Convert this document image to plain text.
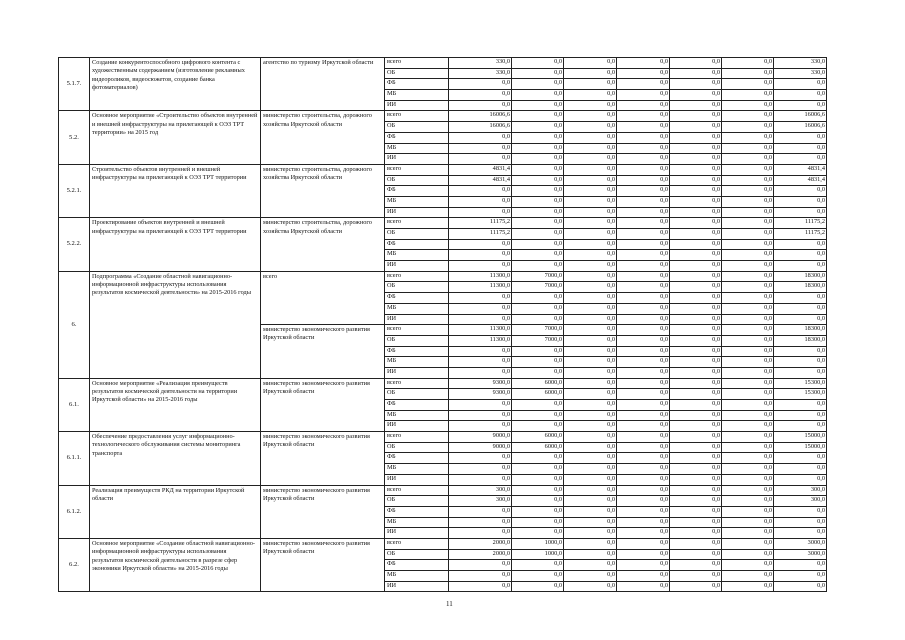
5.1.7.	Создание конкурентоспособного цифрового контента с художественным содержанием (изготовление рекламных видеороликов, видеосюжетов, создание банка фотоматериалов)	агентство по туризму Иркутской области	всего	330,0	0,0	0,0	0,0	0,0	0,0	330,0
			ОБ	330,0	0,0	0,0	0,0	0,0	0,0	330,0
			ФБ	0,0	0,0	0,0	0,0	0,0	0,0	0,0
			МБ	0,0	0,0	0,0	0,0	0,0	0,0	0,0
			ИИ	0,0	0,0	0,0	0,0	0,0	0,0	0,0
5.2.	Основное мероприятие «Строительство объектов внутренней и внешней инфраструктуры на прилегающей к ОЭЗ ТРТ территории» на 2015 год	министерство строительства, дорожного хозяйства Иркутской области	всего	16006,6	0,0	0,0	0,0	0,0	0,0	16006,6
			ОБ	16006,6	0,0	0,0	0,0	0,0	0,0	16006,6
			ФБ	0,0	0,0	0,0	0,0	0,0	0,0	0,0
			МБ	0,0	0,0	0,0	0,0	0,0	0,0	0,0
			ИИ	0,0	0,0	0,0	0,0	0,0	0,0	0,0
5.2.1.	Строительство объектов внутренней и внешней инфраструктуры на прилегающей к ОЭЗ ТРТ территории	министерство строительства, дорожного хозяйства Иркутской области	всего	4831,4	0,0	0,0	0,0	0,0	0,0	4831,4
			ОБ	4831,4	0,0	0,0	0,0	0,0	0,0	4831,4
			ФБ	0,0	0,0	0,0	0,0	0,0	0,0	0,0
			МБ	0,0	0,0	0,0	0,0	0,0	0,0	0,0
			ИИ	0,0	0,0	0,0	0,0	0,0	0,0	0,0
5.2.2.	Проектирование объектов внутренней и внешней инфраструктуры на прилегающей к ОЭЗ ТРТ территории	министерство строительства, дорожного хозяйства Иркутской области	всего	11175,2	0,0	0,0	0,0	0,0	0,0	11175,2
			ОБ	11175,2	0,0	0,0	0,0	0,0	0,0	11175,2
			ФБ	0,0	0,0	0,0	0,0	0,0	0,0	0,0
			МБ	0,0	0,0	0,0	0,0	0,0	0,0	0,0
			ИИ	0,0	0,0	0,0	0,0	0,0	0,0	0,0
6.	Подпрограмма «Создание областной навигационно-информационной инфраструктуры использования результатов космической деятельности» на 2015-2016 годы	всего	всего	11300,0	7000,0	0,0	0,0	0,0	0,0	18300,0
			ОБ	11300,0	7000,0	0,0	0,0	0,0	0,0	18300,0
			ФБ	0,0	0,0	0,0	0,0	0,0	0,0	0,0
			МБ	0,0	0,0	0,0	0,0	0,0	0,0	0,0
			ИИ	0,0	0,0	0,0	0,0	0,0	0,0	0,0
		министерство экономического развития Иркутской области	всего	11300,0	7000,0	0,0	0,0	0,0	0,0	18300,0
			ОБ	11300,0	7000,0	0,0	0,0	0,0	0,0	18300,0
			ФБ	0,0	0,0	0,0	0,0	0,0	0,0	0,0
			МБ	0,0	0,0	0,0	0,0	0,0	0,0	0,0
			ИИ	0,0	0,0	0,0	0,0	0,0	0,0	0,0
6.1.	Основное мероприятие «Реализация преимуществ результатов космической деятельности на территории Иркутской области» на 2015-2016 годы	министерство экономического развития Иркутской области	всего	9300,0	6000,0	0,0	0,0	0,0	0,0	15300,0
			ОБ	9300,0	6000,0	0,0	0,0	0,0	0,0	15300,0
			ФБ	0,0	0,0	0,0	0,0	0,0	0,0	0,0
			МБ	0,0	0,0	0,0	0,0	0,0	0,0	0,0
			ИИ	0,0	0,0	0,0	0,0	0,0	0,0	0,0
6.1.1.	Обеспечение предоставления услуг информационно-технологического обслуживания системы мониторинга транспорта	министерство экономического развития Иркутской области	всего	9000,0	6000,0	0,0	0,0	0,0	0,0	15000,0
			ОБ	9000,0	6000,0	0,0	0,0	0,0	0,0	15000,0
			ФБ	0,0	0,0	0,0	0,0	0,0	0,0	0,0
			МБ	0,0	0,0	0,0	0,0	0,0	0,0	0,0
			ИИ	0,0	0,0	0,0	0,0	0,0	0,0	0,0
6.1.2.	Реализация преимуществ РКД на территории Иркутской области	министерство экономического развития Иркутской области	всего	300,0	0,0	0,0	0,0	0,0	0,0	300,0
			ОБ	300,0	0,0	0,0	0,0	0,0	0,0	300,0
			ФБ	0,0	0,0	0,0	0,0	0,0	0,0	0,0
			МБ	0,0	0,0	0,0	0,0	0,0	0,0	0,0
			ИИ	0,0	0,0	0,0	0,0	0,0	0,0	0,0
6.2.	Основное мероприятие «Создание областной навигационно-информационной инфраструктуры использования результатов космической деятельности в разрезе сфер экономики Иркутской области» на 2015-2016 годы	министерство экономического развития Иркутской области	всего	2000,0	1000,0	0,0	0,0	0,0	0,0	3000,0
			ОБ	2000,0	1000,0	0,0	0,0	0,0	0,0	3000,0
			ФБ	0,0	0,0	0,0	0,0	0,0	0,0	0,0
			МБ	0,0	0,0	0,0	0,0	0,0	0,0	0,0
			ИИ	0,0	0,0	0,0	0,0	0,0	0,0	0,0
11
